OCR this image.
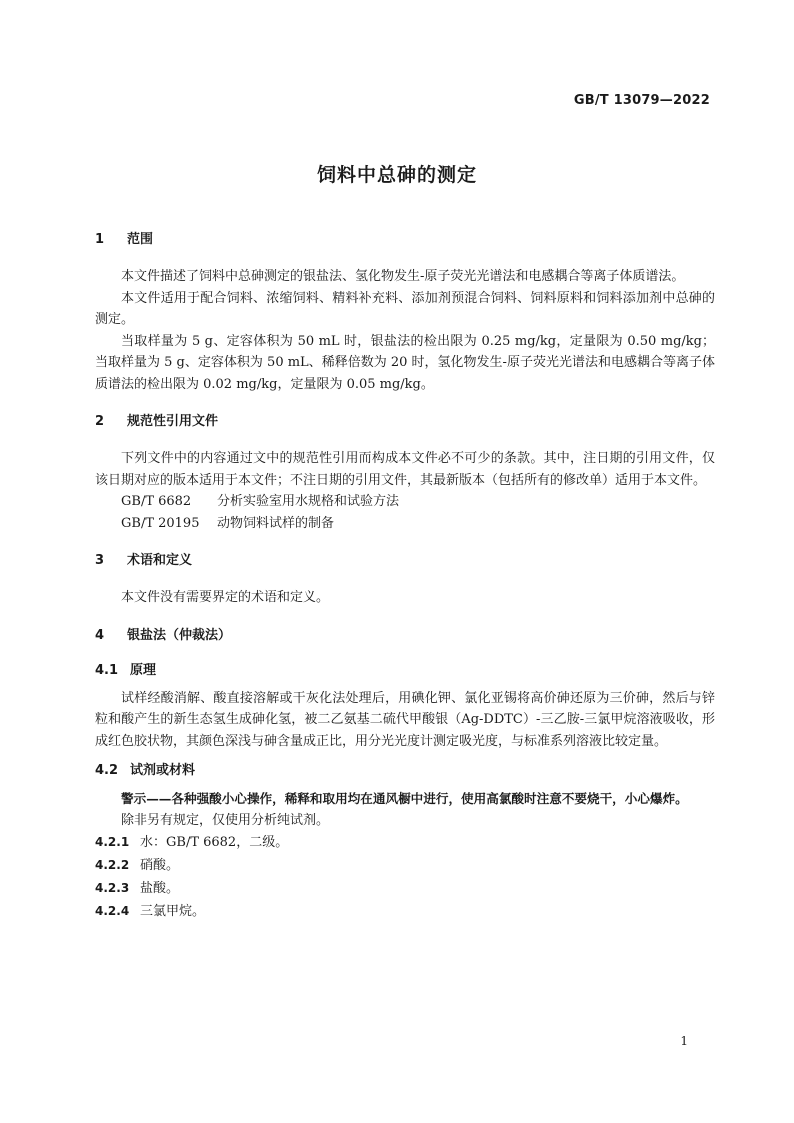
GB/T 13079—2022
饲料中总砷的测定
1 范围

本文件描述了饲料中总砷测定的银盐法、氢化物发生-原子荧光光谱法和电感耦合等离子体质谱法。

本文件适用于配合饲料、浓缩饲料、精料补充料、添加剂预混合饲料、饲料原料和饲料添加剂中总砷的测定。

当取样量为 5 g、定容体积为 50 mL 时，银盐法的检出限为 0.25 mg/kg，定量限为 0.50 mg/kg；当取样量为 5 g、定容体积为 50 mL、稀释倍数为 20 时，氢化物发生-原子荧光光谱法和电感耦合等离子体质谱法的检出限为 0.02 mg/kg，定量限为 0.05 mg/kg。

2 规范性引用文件

下列文件中的内容通过文中的规范性引用而构成本文件必不可少的条款。其中，注日期的引用文件，仅该日期对应的版本适用于本文件；不注日期的引用文件，其最新版本（包括所有的修改单）适用于本文件。

GB/T 6682 分析实验室用水规格和试验方法

GB/T 20195 动物饲料试样的制备

3 术语和定义

本文件没有需要界定的术语和定义。

4 银盐法（仲裁法）
4.1 原理

试样经酸消解、酸直接溶解或干灰化法处理后，用碘化钾、氯化亚锡将高价砷还原为三价砷，然后与锌粒和酸产生的新生态氢生成砷化氢，被二乙氨基二硫代甲酸银（Ag-DDTC）-三乙胺-三氯甲烷溶液吸收，形成红色胶状物，其颜色深浅与砷含量成正比，用分光光度计测定吸光度，与标准系列溶液比较定量。

4.2 试剂或材料

警示——各种强酸小心操作，稀释和取用均在通风橱中进行，使用高氯酸时注意不要烧干，小心爆炸。

除非另有规定，仅使用分析纯试剂。

4.2.1 水：GB/T 6682，二级。

4.2.2 硝酸。

4.2.3 盐酸。

4.2.4 三氯甲烷。

1
